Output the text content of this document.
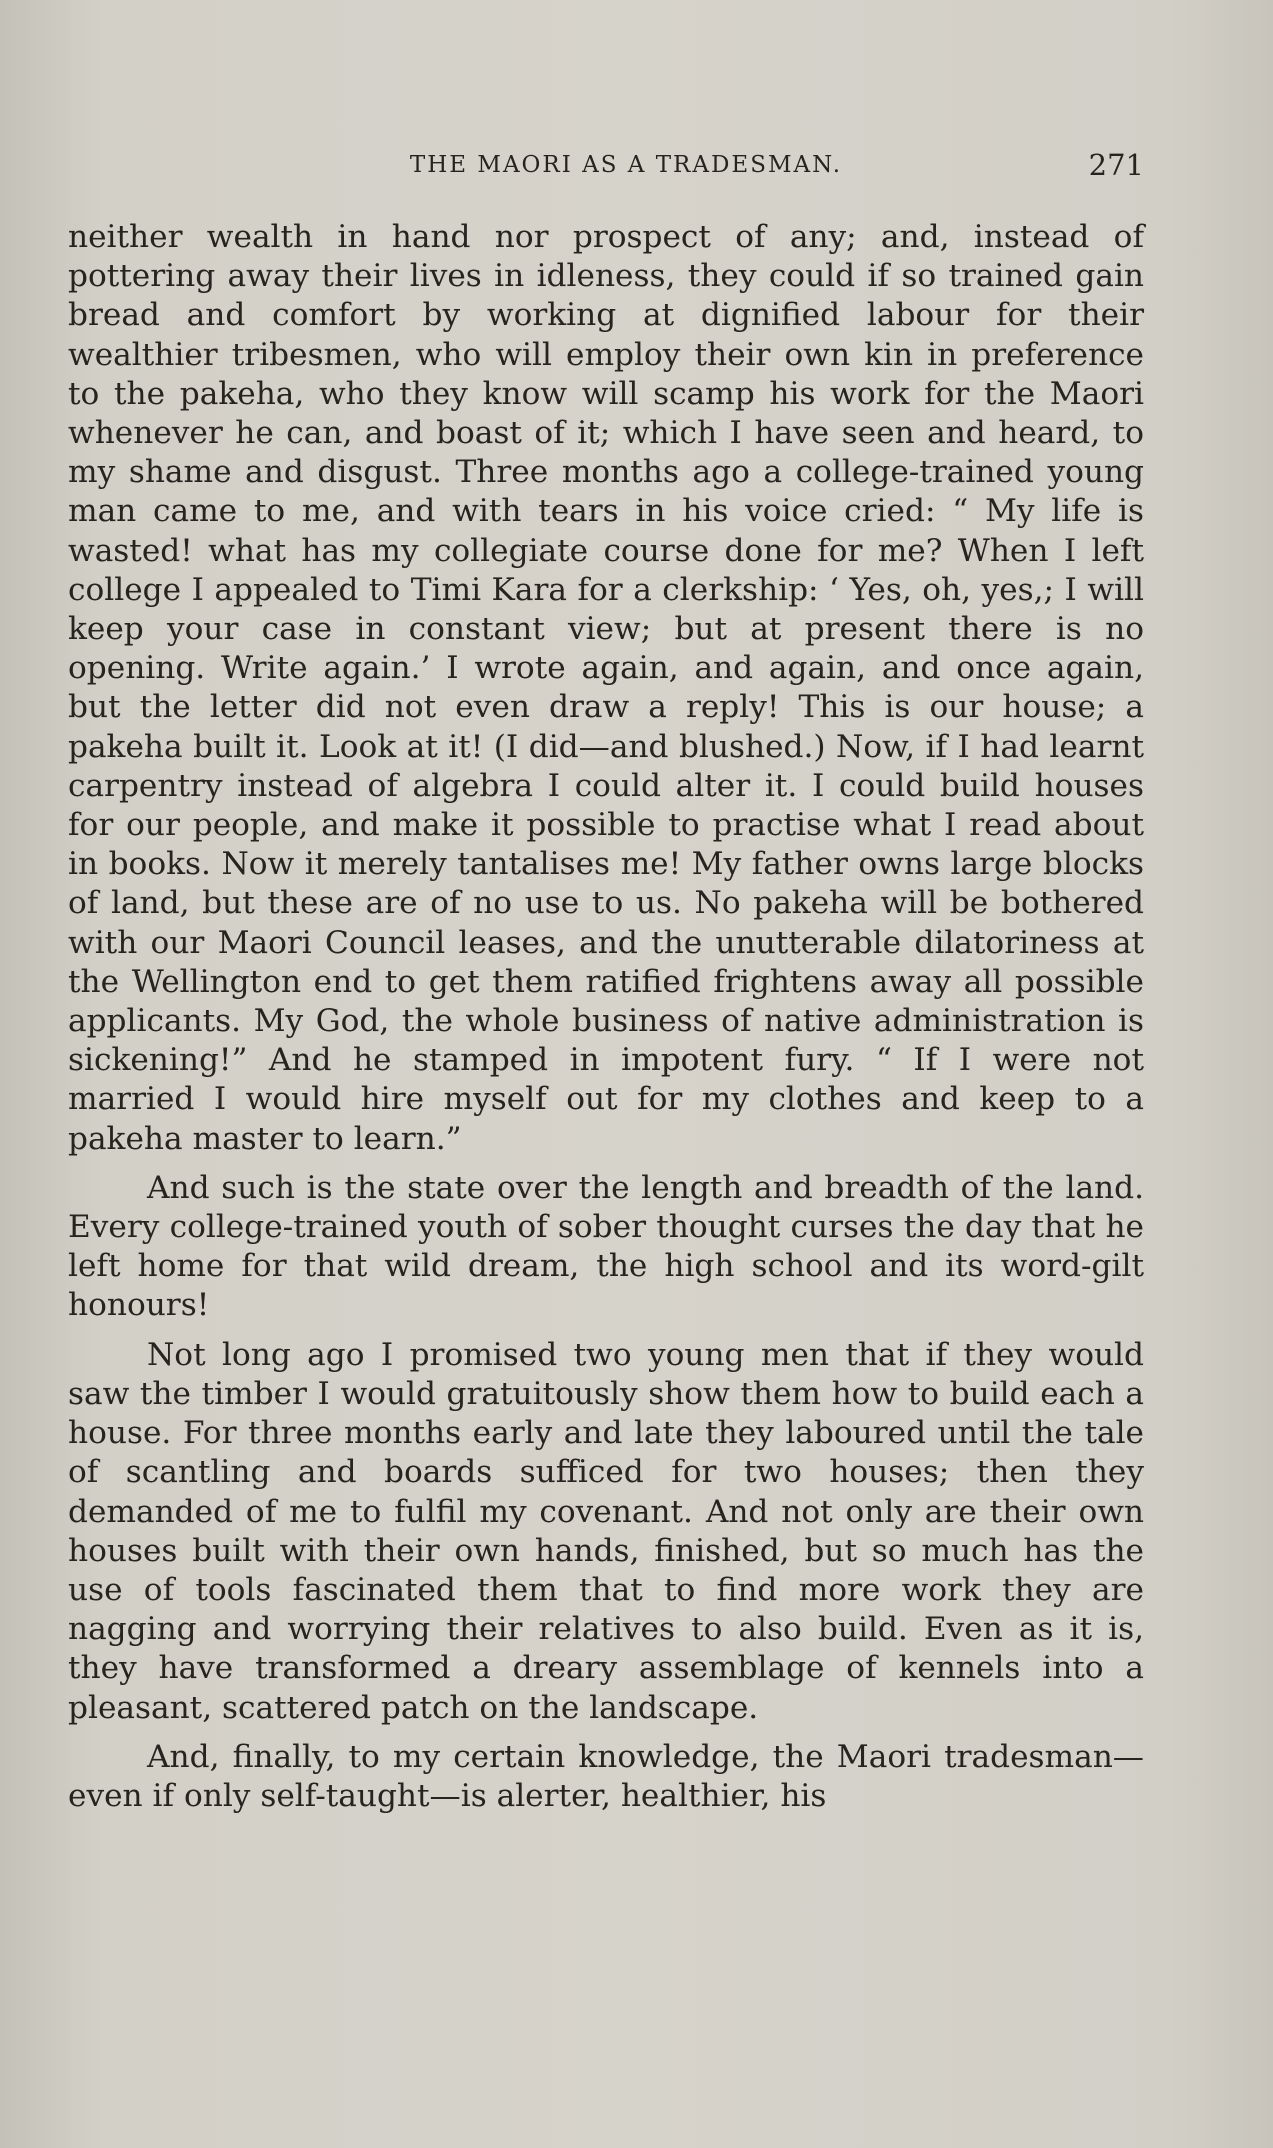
THE MAORI AS A TRADESMAN.	271

neither wealth in hand nor prospect of any; and, instead of pottering away their lives in idleness, they could if so trained gain bread and comfort by working at dignified labour for their wealthier tribesmen, who will employ their own kin in preference to the pakeha, who they know will scamp his work for the Maori whenever he can, and boast of it; which I have seen and heard, to my shame and disgust. Three months ago a college-trained young man came to me, and with tears in his voice cried: “ My life is wasted! what has my collegiate course done for me? When I left college I appealed to Timi Kara for a clerkship: ‘ Yes, oh, yes,; I will keep your case in constant view; but at present there is no opening. Write again.’ I wrote again, and again, and once again, but the letter did not even draw a reply! This is our house; a pakeha built it. Look at it! (I did—and blushed.) Now, if I had learnt carpentry instead of algebra I could alter it. I could build houses for our people, and make it possible to practise what I read about in books. Now it merely tantalises me! My father owns large blocks of land, but these are of no use to us. No pakeha will be bothered with our Maori Council leases, and the unutterable dilatoriness at the Wellington end to get them ratified frightens away all possible applicants. My God, the whole business of native administration is sickening!” And he stamped in impotent fury. “ If I were not married I would hire myself out for my clothes and keep to a pakeha master to learn.”

And such is the state over the length and breadth of the land. Every college-trained youth of sober thought curses the day that he left home for that wild dream, the high school and its word-gilt honours!

Not long ago I promised two young men that if they would saw the timber I would gratuitously show them how to build each a house. For three months early and late they laboured until the tale of scantling and boards sufficed for two houses; then they demanded of me to fulfil my covenant. And not only are their own houses built with their own hands, finished, but so much has the use of tools fascinated them that to find more work they are nagging and worrying their relatives to also build. Even as it is, they have transformed a dreary assemblage of kennels into a pleasant, scattered patch on the landscape.

And, finally, to my certain knowledge, the Maori tradesman—even if only self-taught—is alerter, healthier, his
